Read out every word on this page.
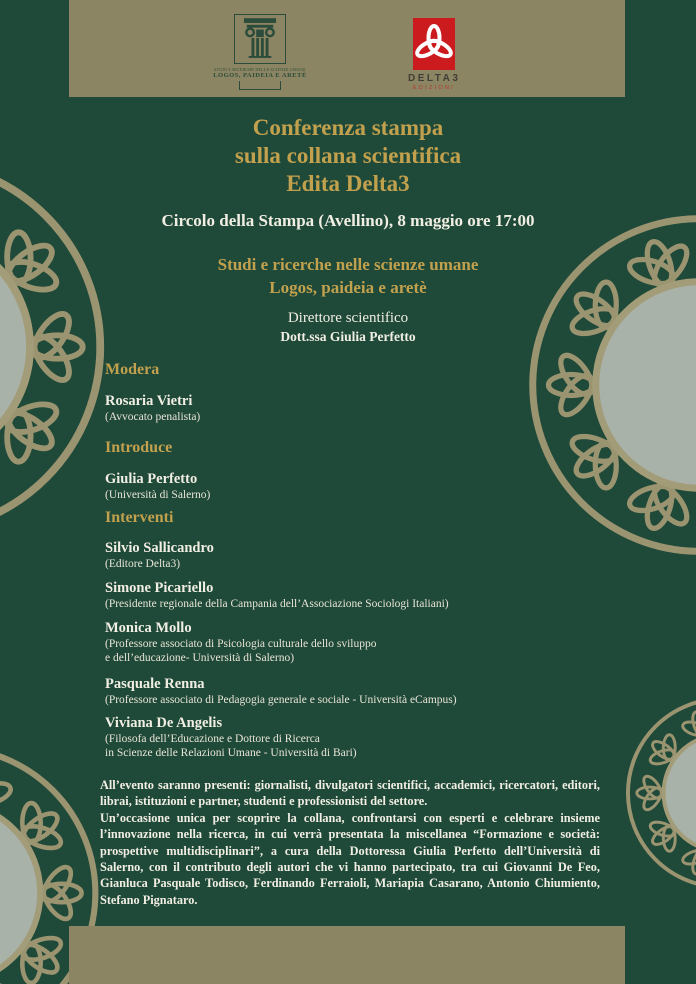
STUDI E RICERCHE DELLE SCIENZE UMANE
LOGOS, PAIDEIA E ARETÈ	DELTA3
EDIZIONI
Conferenza stampa
sulla collana scientifica
Edita Delta3
Circolo della Stampa (Avellino), 8 maggio ore 17:00
Studi e ricerche nelle scienze umane
Logos, paideia e aretè
Direttore scientifico
Dott.ssa Giulia Perfetto
Modera
Rosaria Vietri
(Avvocato penalista)
Introduce
Giulia Perfetto
(Università di Salerno)
Interventi
Silvio Sallicandro
(Editore Delta3)
Simone Picariello
(Presidente regionale della Campania dell’Associazione Sociologi Italiani)
Monica Mollo
(Professore associato di Psicologia culturale dello sviluppo
e dell’educazione- Università di Salerno)
Pasquale Renna
(Professore associato di Pedagogia generale e sociale - Università eCampus)
Viviana De Angelis
(Filosofa dell’Educazione e Dottore di Ricerca
in Scienze delle Relazioni Umane - Università di Bari)

All’evento saranno presenti: giornalisti, divulgatori scientifici, accademici, ricercatori, editori, librai, istituzioni e partner, studenti e professionisti del settore.

Un’occasione unica per scoprire la collana, confrontarsi con esperti e celebrare insieme l’innovazione nella ricerca, in cui verrà presentata la miscellanea “Formazione e società: prospettive multidisciplinari”, a cura della Dottoressa Giulia Perfetto dell’Università di Salerno, con il contributo degli autori che vi hanno partecipato, tra cui Giovanni De Feo, Gianluca Pasquale Todisco, Ferdinando Ferraioli, Mariapia Casarano, Antonio Chiumiento, Stefano Pignataro.
